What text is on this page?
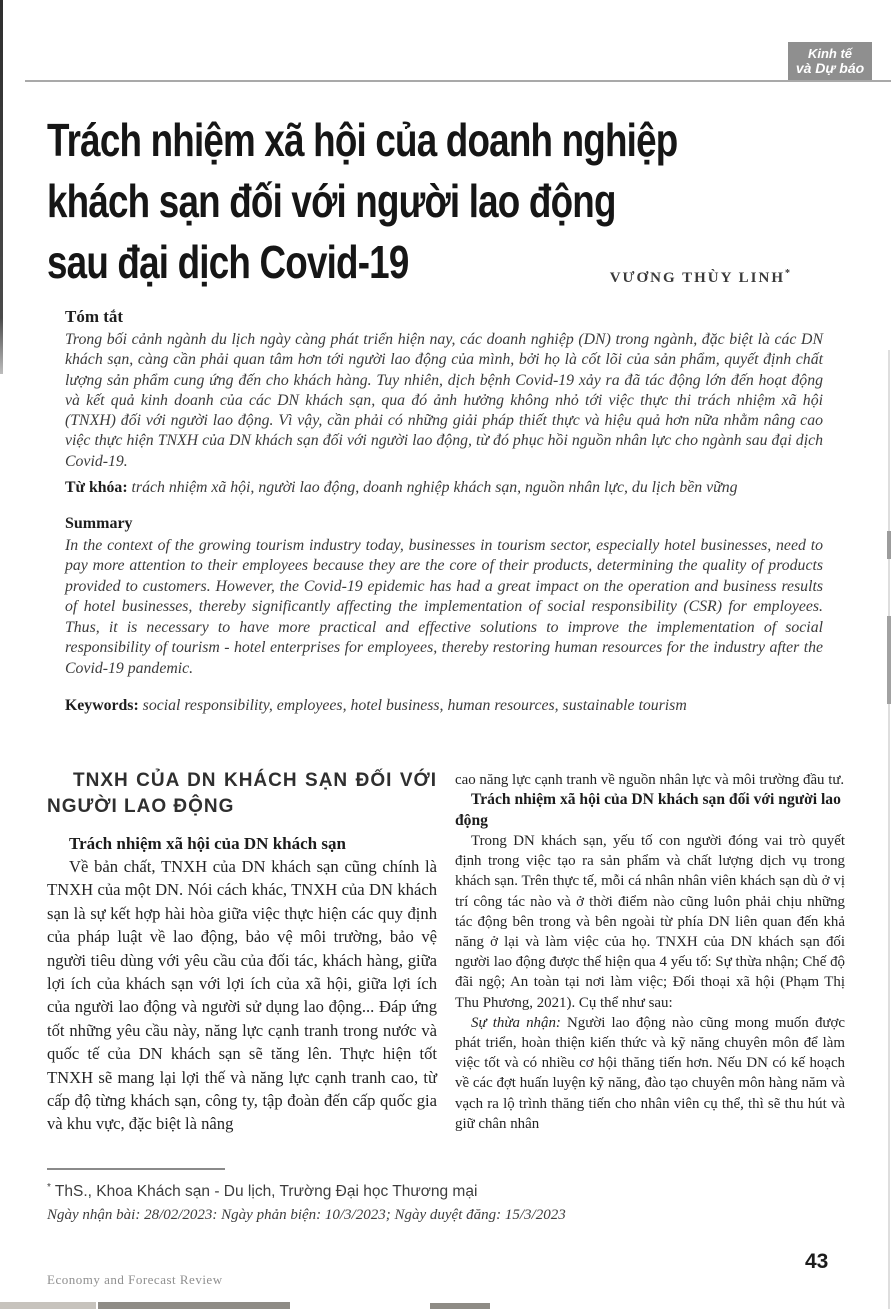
Kinh tế
và Dự báo
Trách nhiệm xã hội của doanh nghiệp
khách sạn đối với người lao động
sau đại dịch Covid-19
Tóm tắt

Trong bối cảnh ngành du lịch ngày càng phát triển hiện nay, các doanh nghiệp (DN) trong ngành, đặc biệt là các DN khách sạn, càng cần phải quan tâm hơn tới người lao động của mình, bởi họ là cốt lõi của sản phẩm, quyết định chất lượng sản phẩm cung ứng đến cho khách hàng. Tuy nhiên, dịch bệnh Covid-19 xảy ra đã tác động lớn đến hoạt động và kết quả kinh doanh của các DN khách sạn, qua đó ảnh hưởng không nhỏ tới việc thực thi trách nhiệm xã hội (TNXH) đối với người lao động. Vì vậy, cần phải có những giải pháp thiết thực và hiệu quả hơn nữa nhằm nâng cao việc thực hiện TNXH của DN khách sạn đối với người lao động, từ đó phục hồi nguồn nhân lực cho ngành sau đại dịch Covid-19.

Từ khóa: trách nhiệm xã hội, người lao động, doanh nghiệp khách sạn, nguồn nhân lực, du lịch bền vững

Summary

In the context of the growing tourism industry today, businesses in tourism sector, especially hotel businesses, need to pay more attention to their employees because they are the core of their products, determining the quality of products provided to customers. However, the Covid-19 epidemic has had a great impact on the operation and business results of hotel businesses, thereby significantly affecting the implementation of social responsibility (CSR) for employees. Thus, it is necessary to have more practical and effective solutions to improve the implementation of social responsibility of tourism - hotel enterprises for employees, thereby restoring human resources for the industry after the Covid-19 pandemic.

Keywords: social responsibility, employees, hotel business, human resources, sustainable tourism

VƯƠNG THÙY LINH*
TNXH CỦA DN KHÁCH SẠN ĐỐI VỚI NGƯỜI LAO ĐỘNG
Trách nhiệm xã hội của DN khách sạn

Về bản chất, TNXH của DN khách sạn cũng chính là TNXH của một DN. Nói cách khác, TNXH của DN khách sạn là sự kết hợp hài hòa giữa việc thực hiện các quy định của pháp luật về lao động, bảo vệ môi trường, bảo vệ người tiêu dùng với yêu cầu của đối tác, khách hàng, giữa lợi ích của khách sạn với lợi ích của xã hội, giữa lợi ích của người lao động và người sử dụng lao động... Đáp ứng tốt những yêu cầu này, năng lực cạnh tranh trong nước và quốc tế của DN khách sạn sẽ tăng lên. Thực hiện tốt TNXH sẽ mang lại lợi thế và năng lực cạnh tranh cao, từ cấp độ từng khách sạn, công ty, tập đoàn đến cấp quốc gia và khu vực, đặc biệt là nâng

cao năng lực cạnh tranh về nguồn nhân lực và môi trường đầu tư.

Trách nhiệm xã hội của DN khách sạn đối với người lao động

Trong DN khách sạn, yếu tố con người đóng vai trò quyết định trong việc tạo ra sản phẩm và chất lượng dịch vụ trong khách sạn. Trên thực tế, mỗi cá nhân nhân viên khách sạn dù ở vị trí công tác nào và ở thời điểm nào cũng luôn phải chịu những tác động bên trong và bên ngoài từ phía DN liên quan đến khả năng ở lại và làm việc của họ. TNXH của DN khách sạn đối người lao động được thể hiện qua 4 yếu tố: Sự thừa nhận; Chế độ đãi ngộ; An toàn tại nơi làm việc; Đối thoại xã hội (Phạm Thị Thu Phương, 2021). Cụ thể như sau:

Sự thừa nhận: Người lao động nào cũng mong muốn được phát triển, hoàn thiện kiến thức và kỹ năng chuyên môn để làm việc tốt và có nhiều cơ hội thăng tiến hơn. Nếu DN có kế hoạch về các đợt huấn luyện kỹ năng, đào tạo chuyên môn hàng năm và vạch ra lộ trình thăng tiến cho nhân viên cụ thể, thì sẽ thu hút và giữ chân nhân

* ThS., Khoa Khách sạn - Du lịch, Trường Đại học Thương mại
Ngày nhận bài: 28/02/2023: Ngày phản biện: 10/3/2023; Ngày duyệt đăng: 15/3/2023
Economy and Forecast Review
43
